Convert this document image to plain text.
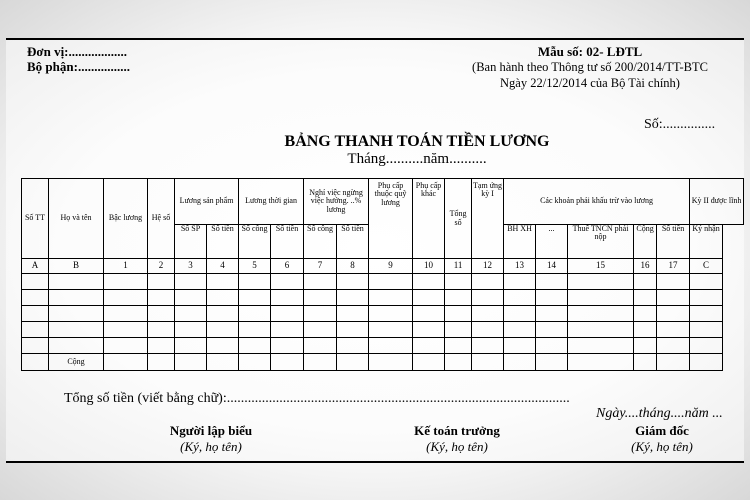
Đơn vị:..................
Bộ phận:................
Mẫu số: 02- LĐTL
(Ban hành theo Thông tư số 200/2014/TT-BTC
Ngày 22/12/2014 của Bộ Tài chính)
Số:...............
BẢNG THANH TOÁN TIỀN LƯƠNG
Tháng..........năm..........
Số TT	Họ và tên	Bậc lương	Hệ số	Lương sản phẩm		Lương thời gian		Nghỉ việc ngừng việc hưởng. ..% lương		Phụ cấp thuộc quỹ lương	Phụ cấp khác	Tổng số	Tạm ứng kỳ I	Các khoản phải khấu trừ vào lương					Kỳ II được lĩnh
				Số SP	Số tiền	Số công	Số tiền	Số công	Số tiền					BH XH	...	Thuế TNCN phải nộp	Cộng	Số tiền	Ký nhận
A	B	1	2	3	4	5	6	7	8	9	10	11	12	13	14	15	16	17	C

	Cộng																		
Tổng số tiền (viết bằng chữ):..................................................................................................
Ngày....tháng....năm ...
Người lập biểu
(Ký, họ tên)
Kế toán trưởng
(Ký, họ tên)
Giám đốc
(Ký, họ tên)
